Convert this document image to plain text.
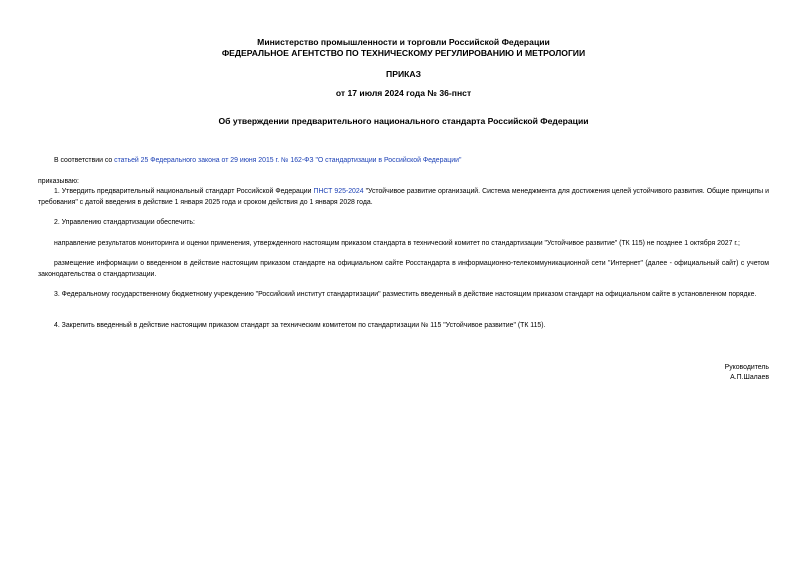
Министерство промышленности и торговли Российской Федерации
ФЕДЕРАЛЬНОЕ АГЕНТСТВО ПО ТЕХНИЧЕСКОМУ РЕГУЛИРОВАНИЮ И МЕТРОЛОГИИ
ПРИКАЗ
от 17 июля 2024 года № 36-пнст
Об утверждении предварительного национального стандарта Российской Федерации
В соответствии со статьей 25 Федерального закона от 29 июня 2015 г. № 162-ФЗ "О стандартизации в Российской Федерации"
приказываю:
1. Утвердить предварительный национальный стандарт Российской Федерации ПНСТ 925-2024 "Устойчивое развитие организаций. Система менеджмента для достижения целей устойчивого развития. Общие принципы и требования" с датой введения в действие 1 января 2025 года и сроком действия до 1 января 2028 года.
2. Управлению стандартизации обеспечить:
направление результатов мониторинга и оценки применения, утвержденного настоящим приказом стандарта в технический комитет по стандартизации "Устойчивое развитие" (ТК 115) не позднее 1 октября 2027 г.;
размещение информации о введенном в действие настоящим приказом стандарте на официальном сайте Росстандарта в информационно-телекоммуникационной сети "Интернет" (далее - официальный сайт) с учетом законодательства о стандартизации.
3. Федеральному государственному бюджетному учреждению "Российский институт стандартизации" разместить введенный в действие настоящим приказом стандарт на официальном сайте в установленном порядке.
4. Закрепить введенный в действие настоящим приказом стандарт за техническим комитетом по стандартизации № 115 "Устойчивое развитие" (ТК 115).
Руководитель
А.П.Шалаев
